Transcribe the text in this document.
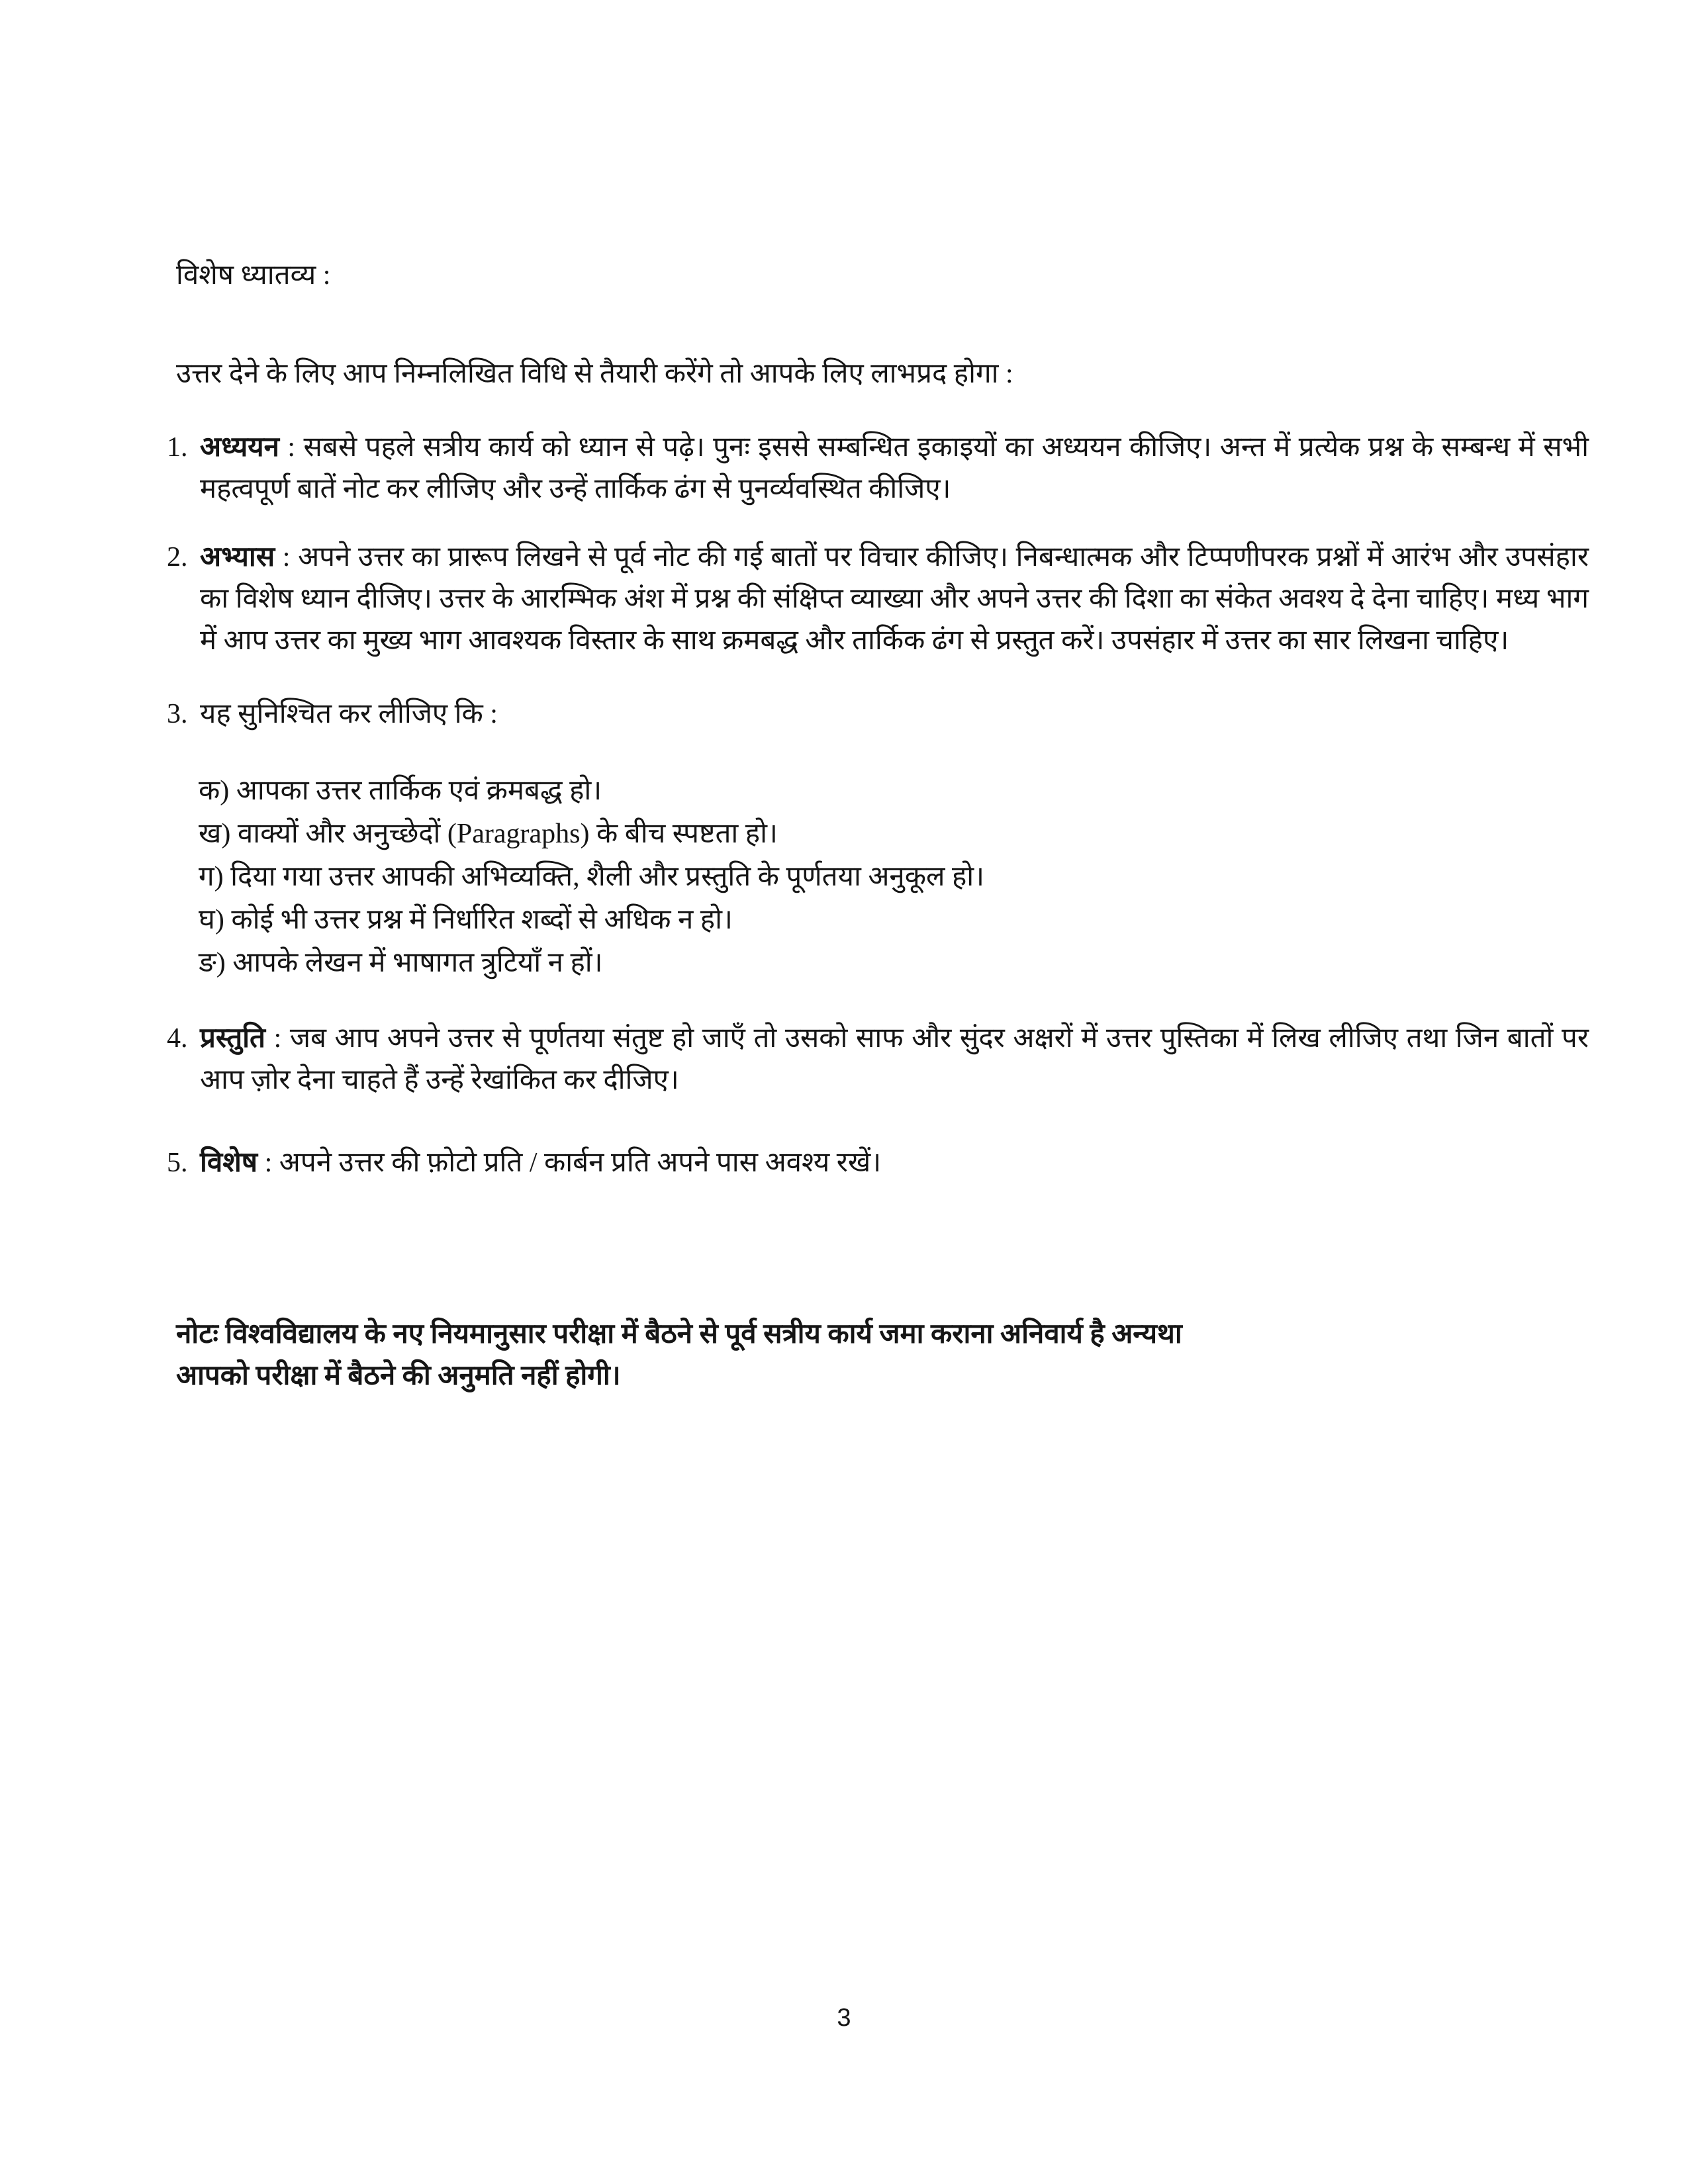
विशेष ध्यातव्य :
उत्तर देने के लिए आप निम्नलिखित विधि से तैयारी करेंगे तो आपके लिए लाभप्रद होगा :
1. अध्ययन : सबसे पहले सत्रीय कार्य को ध्यान से पढ़े। पुनः इससे सम्बन्धित इकाइयों का अध्ययन कीजिए। अन्त में प्रत्येक प्रश्न के सम्बन्ध में सभी महत्वपूर्ण बातें नोट कर लीजिए और उन्हें तार्किक ढंग से पुनर्व्यवस्थित कीजिए।
2. अभ्यास : अपने उत्तर का प्रारूप लिखने से पूर्व नोट की गई बातों पर विचार कीजिए। निबन्धात्मक और टिप्पणीपरक प्रश्नों में आरंभ और उपसंहार का विशेष ध्यान दीजिए। उत्तर के आरम्भिक अंश में प्रश्न की संक्षिप्त व्याख्या और अपने उत्तर की दिशा का संकेत अवश्य दे देना चाहिए। मध्य भाग में आप उत्तर का मुख्य भाग आवश्यक विस्तार के साथ क्रमबद्ध और तार्किक ढंग से प्रस्तुत करें। उपसंहार में उत्तर का सार लिखना चाहिए।
3. यह सुनिश्चित कर लीजिए कि :
क) आपका उत्तर तार्किक एवं क्रमबद्ध हो।
ख) वाक्यों और अनुच्छेदों (Paragraphs) के बीच स्पष्टता हो।
ग) दिया गया उत्तर आपकी अभिव्यक्ति, शैली और प्रस्तुति के पूर्णतया अनुकूल हो।
घ) कोई भी उत्तर प्रश्न में निर्धारित शब्दों से अधिक न हो।
ङ) आपके लेखन में भाषागत त्रुटियाँ न हों।
4. प्रस्तुति : जब आप अपने उत्तर से पूर्णतया संतुष्ट हो जाएँ तो उसको साफ और सुंदर अक्षरों में उत्तर पुस्तिका में लिख लीजिए तथा जिन बातों पर आप ज़ोर देना चाहते हैं उन्हें रेखांकित कर दीजिए।
5. विशेष : अपने उत्तर की फ़ोटो प्रति / कार्बन प्रति अपने पास अवश्य रखें।
नोटः विश्वविद्यालय के नए नियमानुसार परीक्षा में बैठने से पूर्व सत्रीय कार्य जमा कराना अनिवार्य है अन्यथा
आपको परीक्षा में बैठने की अनुमति नहीं होगी।
3
